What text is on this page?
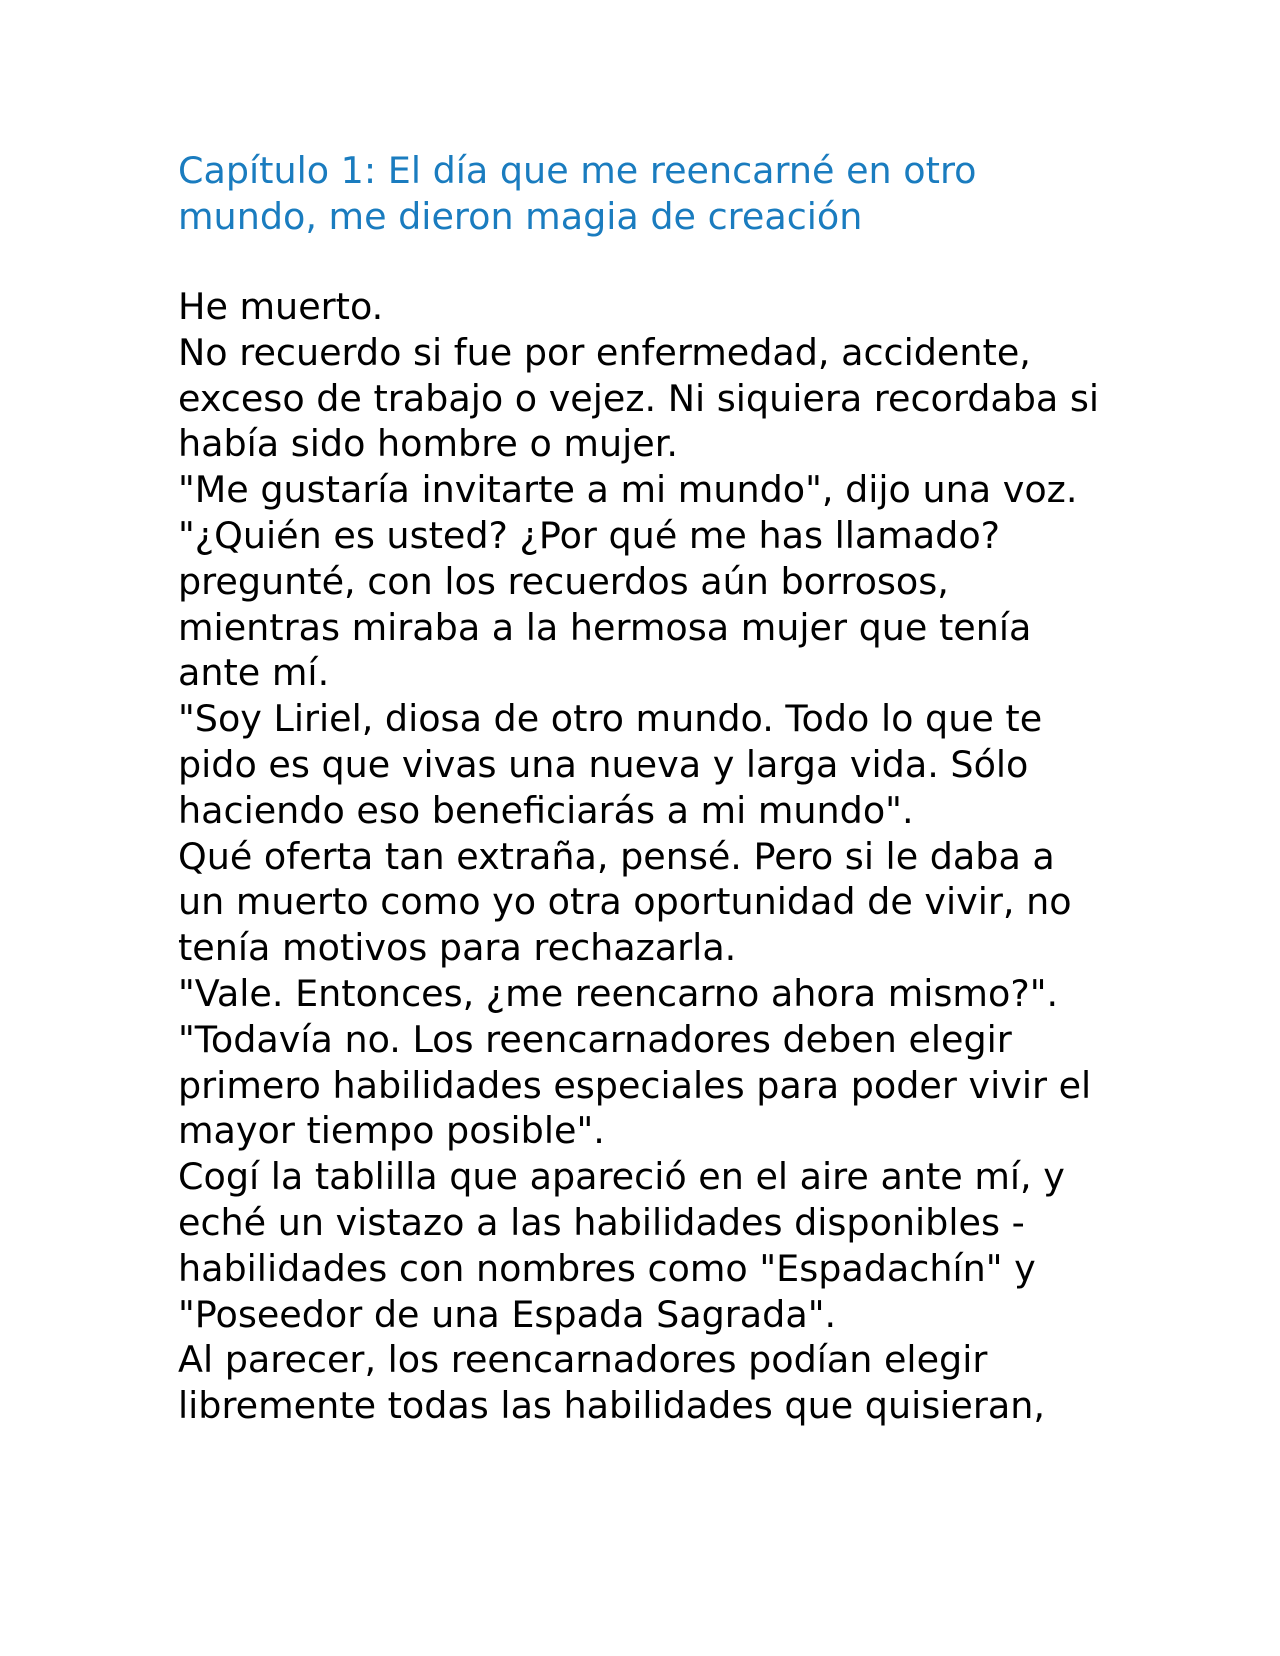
Capítulo 1: El día que me reencarné en otro
mundo, me dieron magia de creación

He muerto.

No recuerdo si fue por enfermedad, accidente, exceso de trabajo o vejez. Ni siquiera recordaba si había sido hombre o mujer.

"Me gustaría invitarte a mi mundo", dijo una voz.

"¿Quién es usted? ¿Por qué me has llamado? pregunté, con los recuerdos aún borrosos, mientras miraba a la hermosa mujer que tenía ante mí.

"Soy Liriel, diosa de otro mundo. Todo lo que te pido es que vivas una nueva y larga vida. Sólo haciendo eso beneficiarás a mi mundo".

Qué oferta tan extraña, pensé. Pero si le daba a un muerto como yo otra oportunidad de vivir, no tenía motivos para rechazarla.

"Vale. Entonces, ¿me reencarno ahora mismo?".

"Todavía no. Los reencarnadores deben elegir primero habilidades especiales para poder vivir el mayor tiempo posible".

Cogí la tablilla que apareció en el aire ante mí, y eché un vistazo a las habilidades disponibles - habilidades con nombres como "Espadachín" y "Poseedor de una Espada Sagrada".

Al parecer, los reencarnadores podían elegir libremente todas las habilidades que quisieran,
